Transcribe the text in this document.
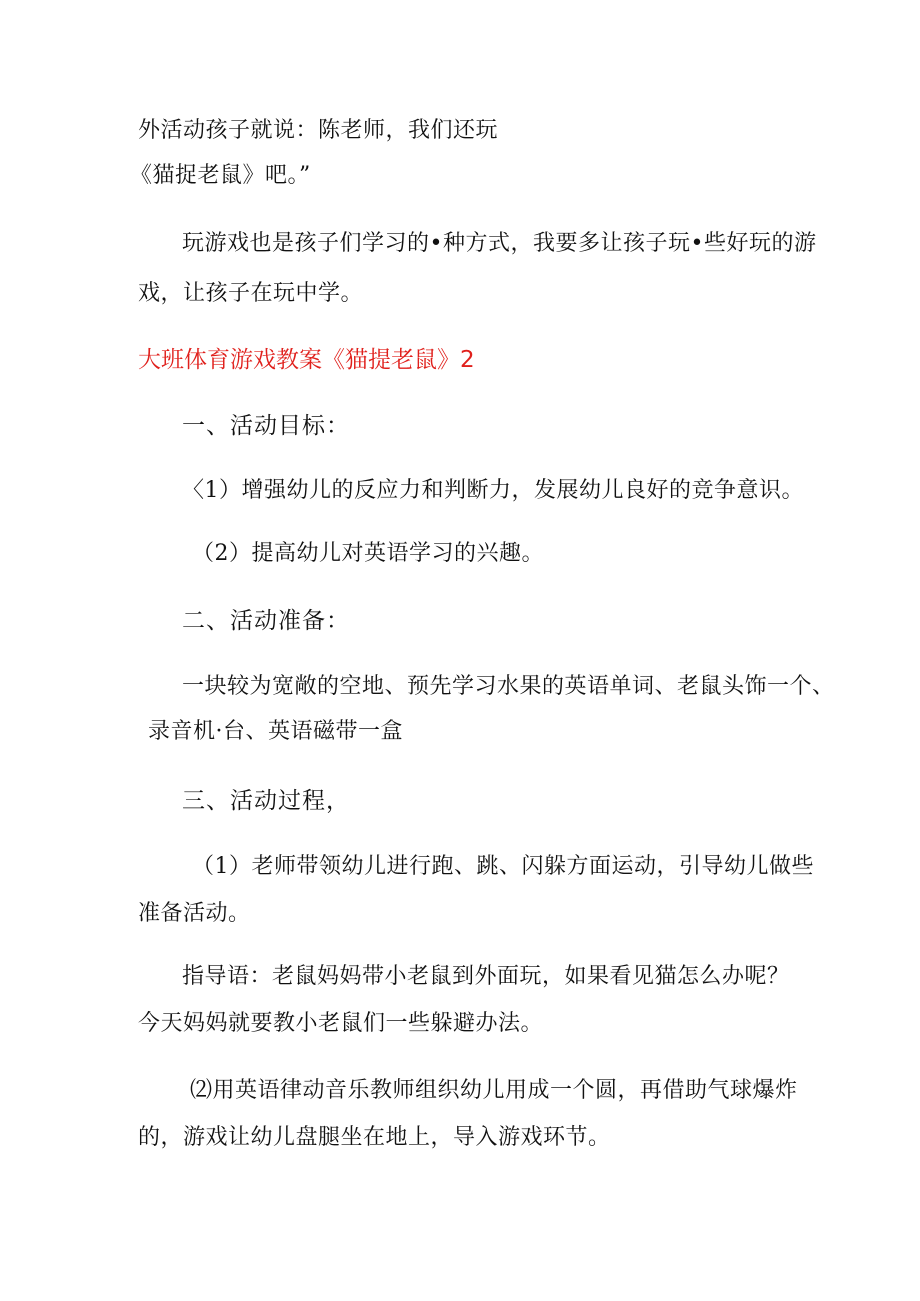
外活动孩子就说：陈老师，我们还玩
《猫捉老鼠》吧。”
玩游戏也是孩子们学习的•种方式，我要多让孩子玩•些好玩的游
戏，让孩子在玩中学。
大班体育游戏教案《猫提老鼠》2
一、活动目标：
〈1）增强幼儿的反应力和判断力，发展幼儿良好的竞争意识。
（2）提高幼儿对英语学习的兴趣。
二、活动准备：
一块较为宽敞的空地、预先学习水果的英语单词、老鼠头饰一个、
录音机·台、英语磁带一盒
三、活动过程，
（1）老师带领幼儿进行跑、跳、闪躲方面运动，引导幼儿做些
准备活动。
指导语：老鼠妈妈带小老鼠到外面玩，如果看见猫怎么办呢？
今天妈妈就要教小老鼠们一些躲避办法。
⑵用英语律动音乐教师组织幼儿用成一个圆，再借助气球爆炸
的，游戏让幼儿盘腿坐在地上，导入游戏环节。
